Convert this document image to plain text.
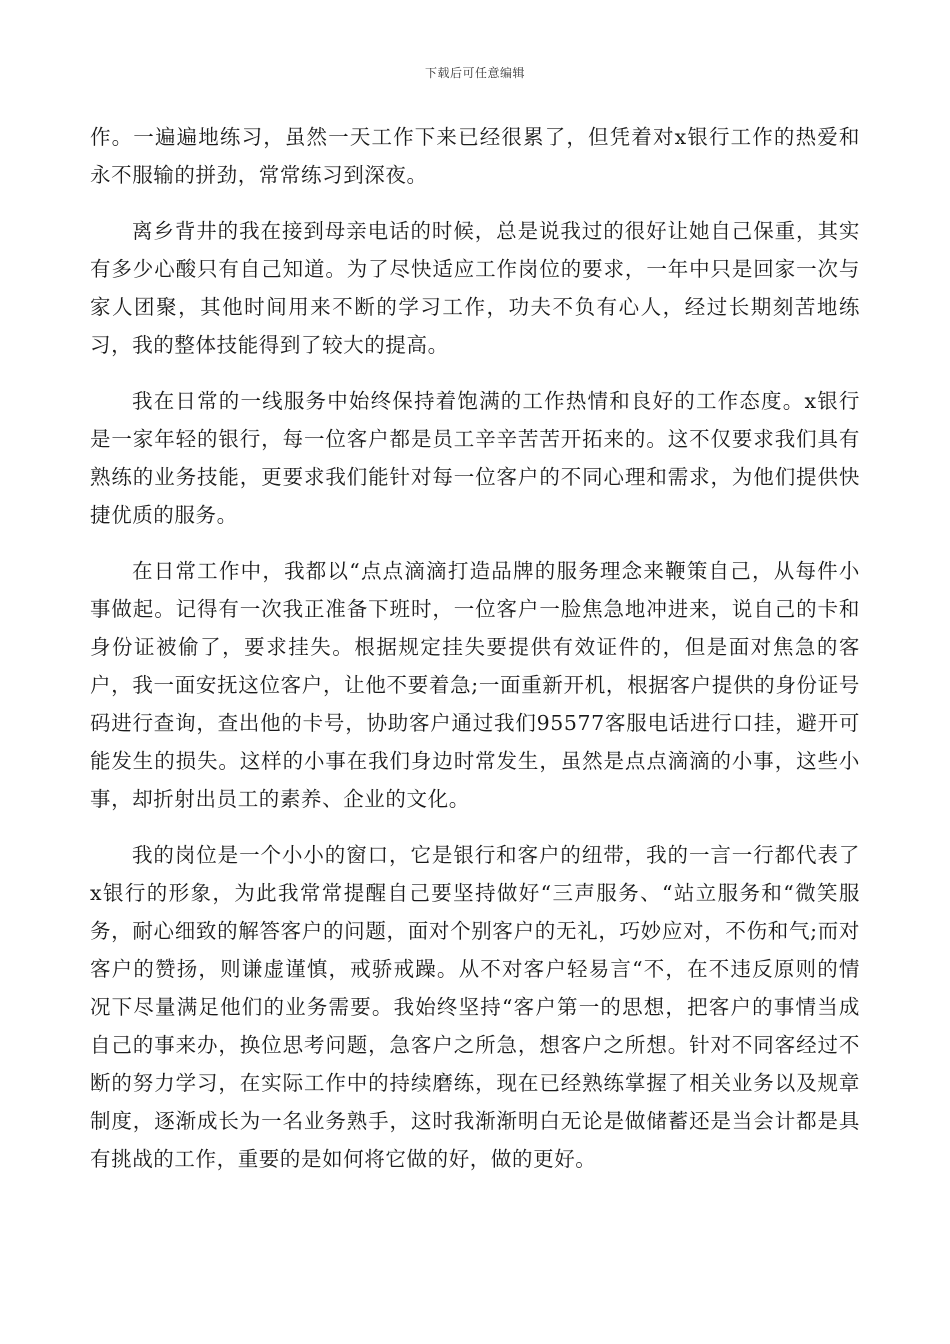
下载后可任意编辑

作。一遍遍地练习，虽然一天工作下来已经很累了，但凭着对x银行工作的热爱和永不服输的拼劲，常常练习到深夜。

离乡背井的我在接到母亲电话的时候，总是说我过的很好让她自己保重，其实有多少心酸只有自己知道。为了尽快适应工作岗位的要求，一年中只是回家一次与家人团聚，其他时间用来不断的学习工作，功夫不负有心人，经过长期刻苦地练习，我的整体技能得到了较大的提高。

我在日常的一线服务中始终保持着饱满的工作热情和良好的工作态度。x银行是一家年轻的银行，每一位客户都是员工辛辛苦苦开拓来的。这不仅要求我们具有熟练的业务技能，更要求我们能针对每一位客户的不同心理和需求，为他们提供快捷优质的服务。

在日常工作中，我都以“点点滴滴打造品牌的服务理念来鞭策自己，从每件小事做起。记得有一次我正准备下班时，一位客户一脸焦急地冲进来，说自己的卡和身份证被偷了，要求挂失。根据规定挂失要提供有效证件的，但是面对焦急的客户，我一面安抚这位客户，让他不要着急;一面重新开机，根据客户提供的身份证号码进行查询，查出他的卡号，协助客户通过我们95577客服电话进行口挂，避开可能发生的损失。这样的小事在我们身边时常发生，虽然是点点滴滴的小事，这些小事，却折射出员工的素养、企业的文化。

我的岗位是一个小小的窗口，它是银行和客户的纽带，我的一言一行都代表了x银行的形象，为此我常常提醒自己要坚持做好“三声服务、“站立服务和“微笑服务，耐心细致的解答客户的问题，面对个别客户的无礼，巧妙应对，不伤和气;而对客户的赞扬，则谦虚谨慎，戒骄戒躁。从不对客户轻易言“不，在不违反原则的情况下尽量满足他们的业务需要。我始终坚持“客户第一的思想，把客户的事情当成自己的事来办，换位思考问题，急客户之所急，想客户之所想。针对不同客经过不断的努力学习，在实际工作中的持续磨练，现在已经熟练掌握了相关业务以及规章制度，逐渐成长为一名业务熟手，这时我渐渐明白无论是做储蓄还是当会计都是具有挑战的工作，重要的是如何将它做的好，做的更好。
